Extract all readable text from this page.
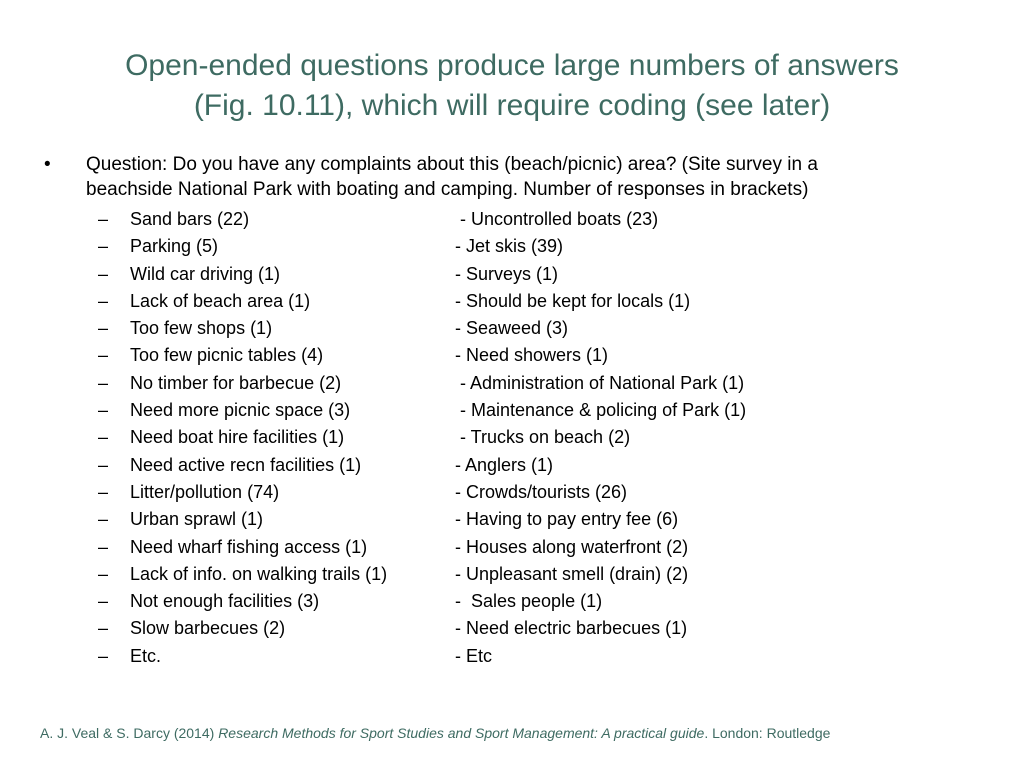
Open-ended questions produce large numbers of answers
(Fig. 10.11), which will require coding (see later)
•	Question: Do you have any complaints about this (beach/picnic) area? (Site survey in a
beachside National Park with boating and camping. Number of responses in brackets)
– Sand bars (22)	- Uncontrolled boats (23)
– Parking (5)	- Jet skis (39)
– Wild car driving (1)	- Surveys (1)
– Lack of beach area (1)	- Should be kept for locals (1)
– Too few shops (1)	- Seaweed (3)
– Too few picnic tables (4)	- Need showers (1)
– No timber for barbecue (2)	- Administration of National Park (1)
– Need more picnic space (3)	- Maintenance & policing of Park (1)
– Need boat hire facilities (1)	- Trucks on beach (2)
– Need active recn facilities (1)	- Anglers (1)
– Litter/pollution (74)	- Crowds/tourists (26)
– Urban sprawl (1)	- Having to pay entry fee (6)
– Need wharf fishing access (1)	- Houses along waterfront (2)
– Lack of info. on walking trails (1)	- Unpleasant smell (drain) (2)
– Not enough facilities (3)	-  Sales people (1)
– Slow barbecues (2)	- Need electric barbecues (1)
– Etc.	- Etc
A. J. Veal & S. Darcy (2014) Research Methods for Sport Studies and Sport Management: A practical guide. London: Routledge
